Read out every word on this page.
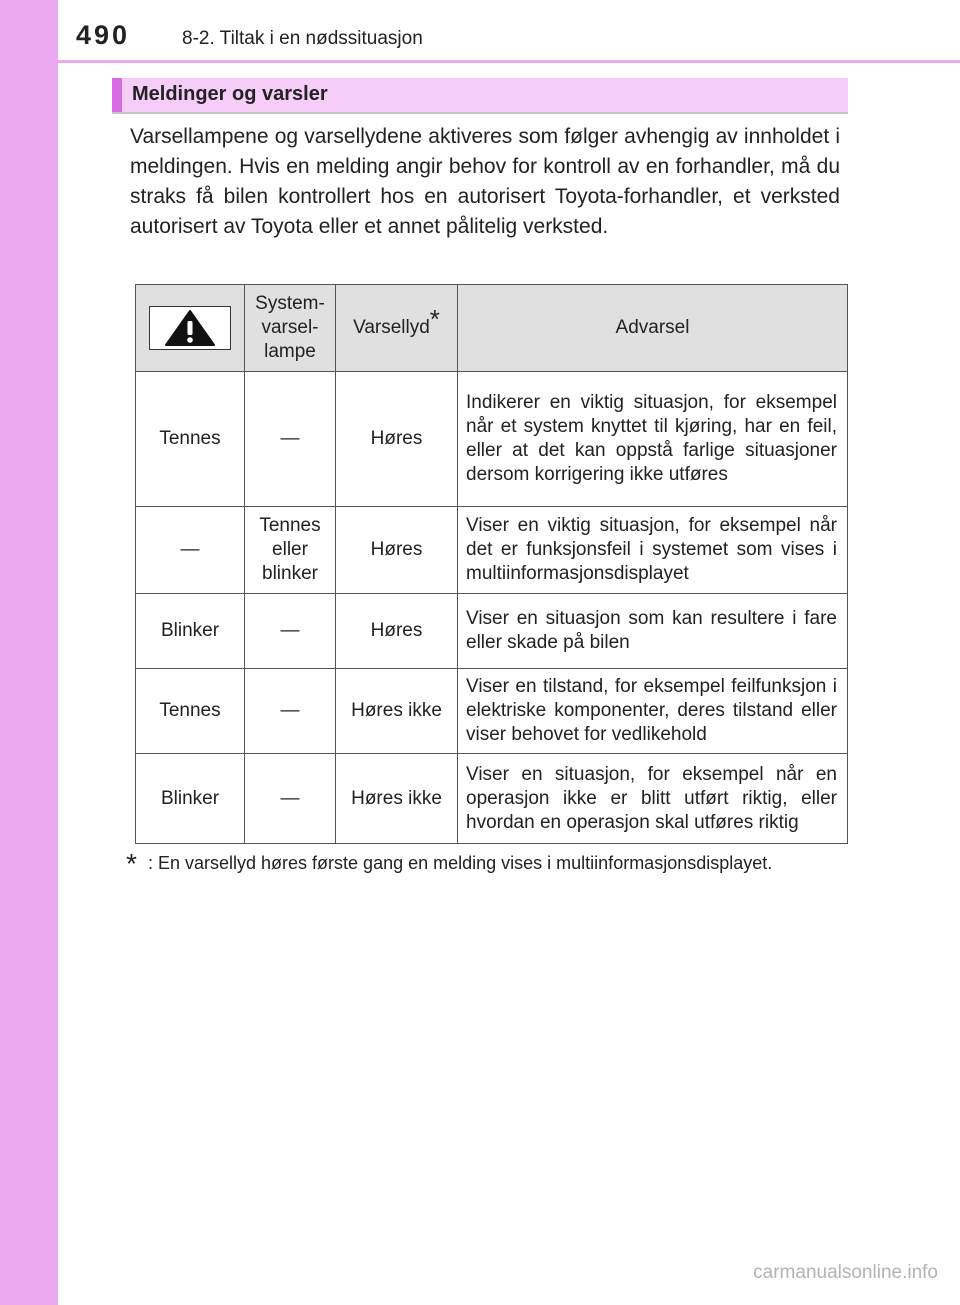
490	8-2. Tiltak i en nødssituasjon
Meldinger og varsler
Varsellampene og varsellydene aktiveres som følger avhengig av innholdet i meldingen. Hvis en melding angir behov for kontroll av en forhandler, må du straks få bilen kontrollert hos en autorisert Toyota-forhandler, et verksted autorisert av Toyota eller et annet pålitelig verksted.
	System-varsel-lampe	Varsellyd*	Advarsel
Tennes	—	Høres	Indikerer en viktig situasjon, for eksempel når et system knyttet til kjøring, har en feil, eller at det kan oppstå farlige situasjoner dersom korrigering ikke utføres
—	Tennes eller blinker	Høres	Viser en viktig situasjon, for eksempel når det er funksjonsfeil i systemet som vises i multiinformasjonsdisplayet
Blinker	—	Høres	Viser en situasjon som kan resultere i fare eller skade på bilen
Tennes	—	Høres ikke	Viser en tilstand, for eksempel feilfunksjon i elektriske komponenter, deres tilstand eller viser behovet for vedlikehold
Blinker	—	Høres ikke	Viser en situasjon, for eksempel når en operasjon ikke er blitt utført riktig, eller hvordan en operasjon skal utføres riktig
* : En varsellyd høres første gang en melding vises i multiinformasjonsdisplayet.
carmanualsonline.info
